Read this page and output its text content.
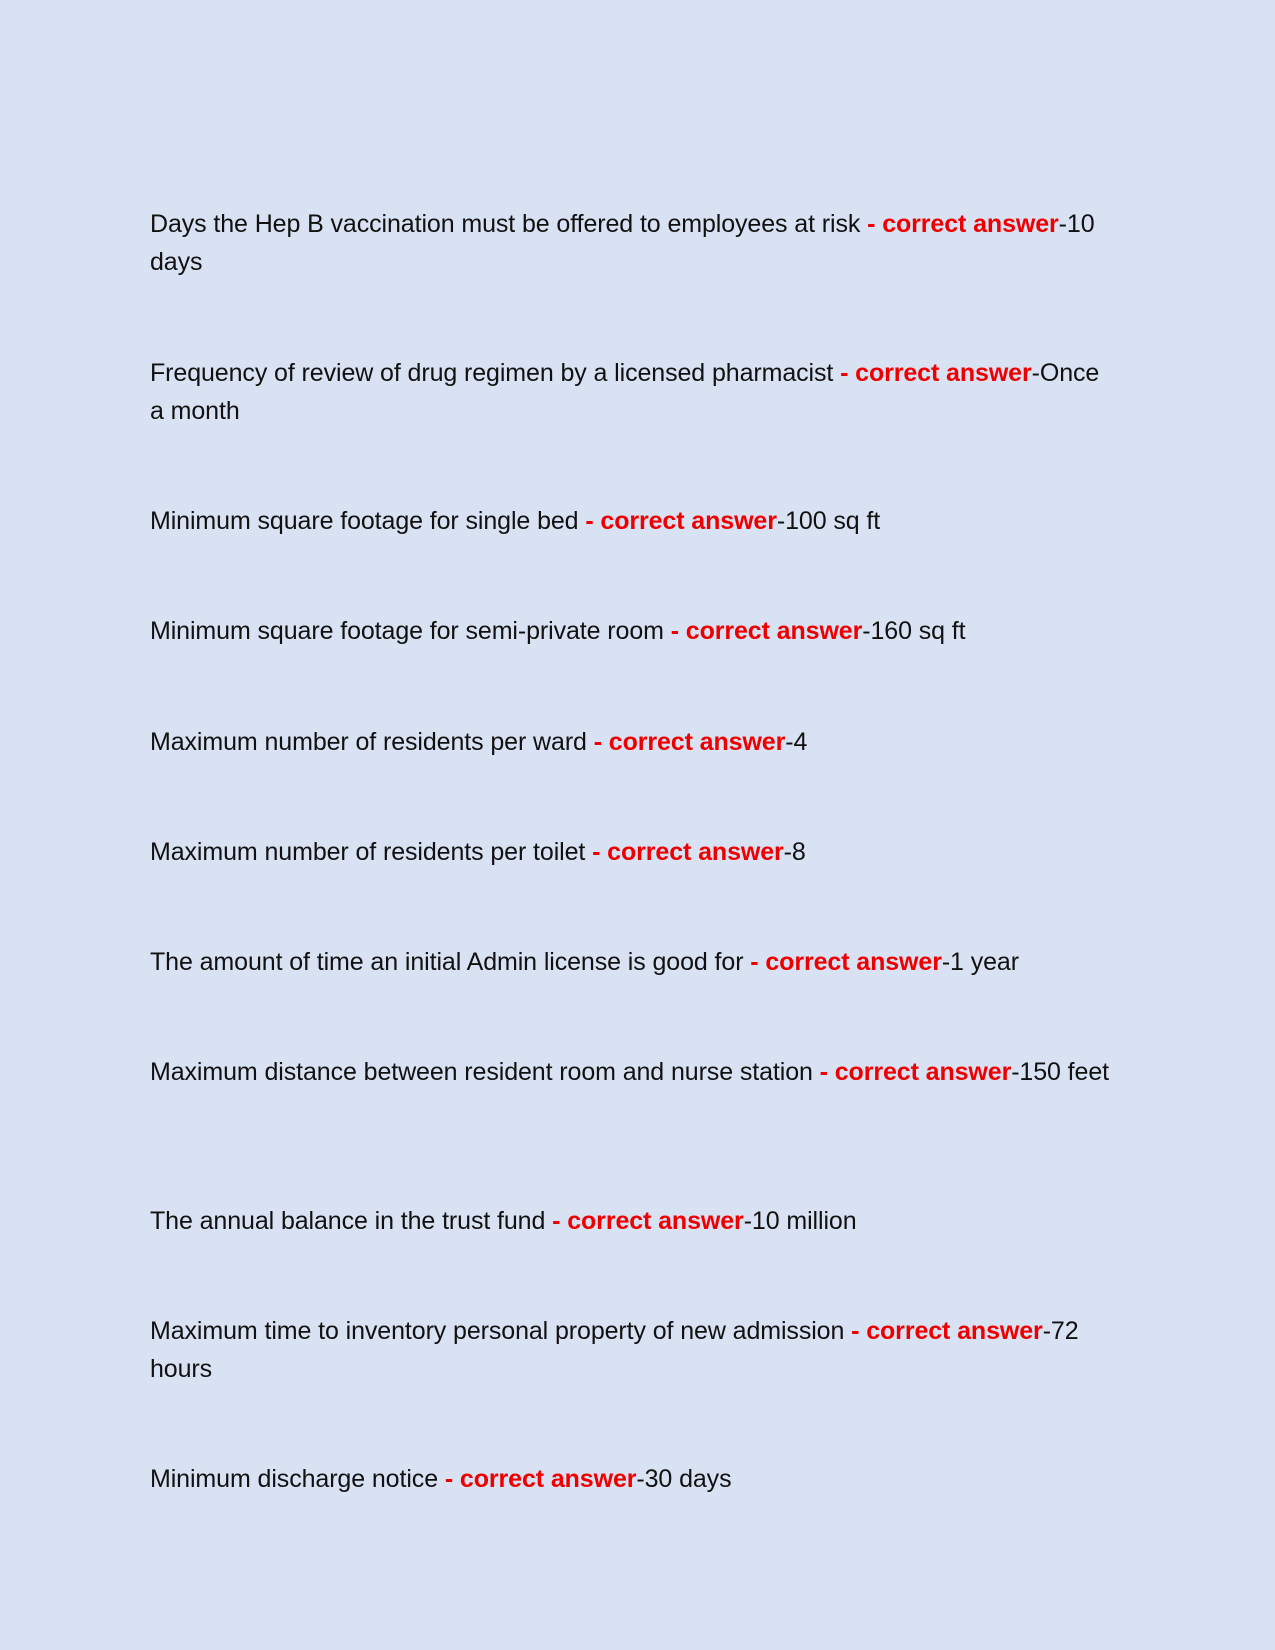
Days the Hep B vaccination must be offered to employees at risk - correct answer-10 days

Frequency of review of drug regimen by a licensed pharmacist - correct answer-Once a month

Minimum square footage for single bed - correct answer-100 sq ft

Minimum square footage for semi-private room - correct answer-160 sq ft

Maximum number of residents per ward - correct answer-4

Maximum number of residents per toilet - correct answer-8

The amount of time an initial Admin license is good for - correct answer-1 year

Maximum distance between resident room and nurse station - correct answer-150 feet

The annual balance in the trust fund - correct answer-10 million

Maximum time to inventory personal property of new admission - correct answer-72 hours

Minimum discharge notice - correct answer-30 days
